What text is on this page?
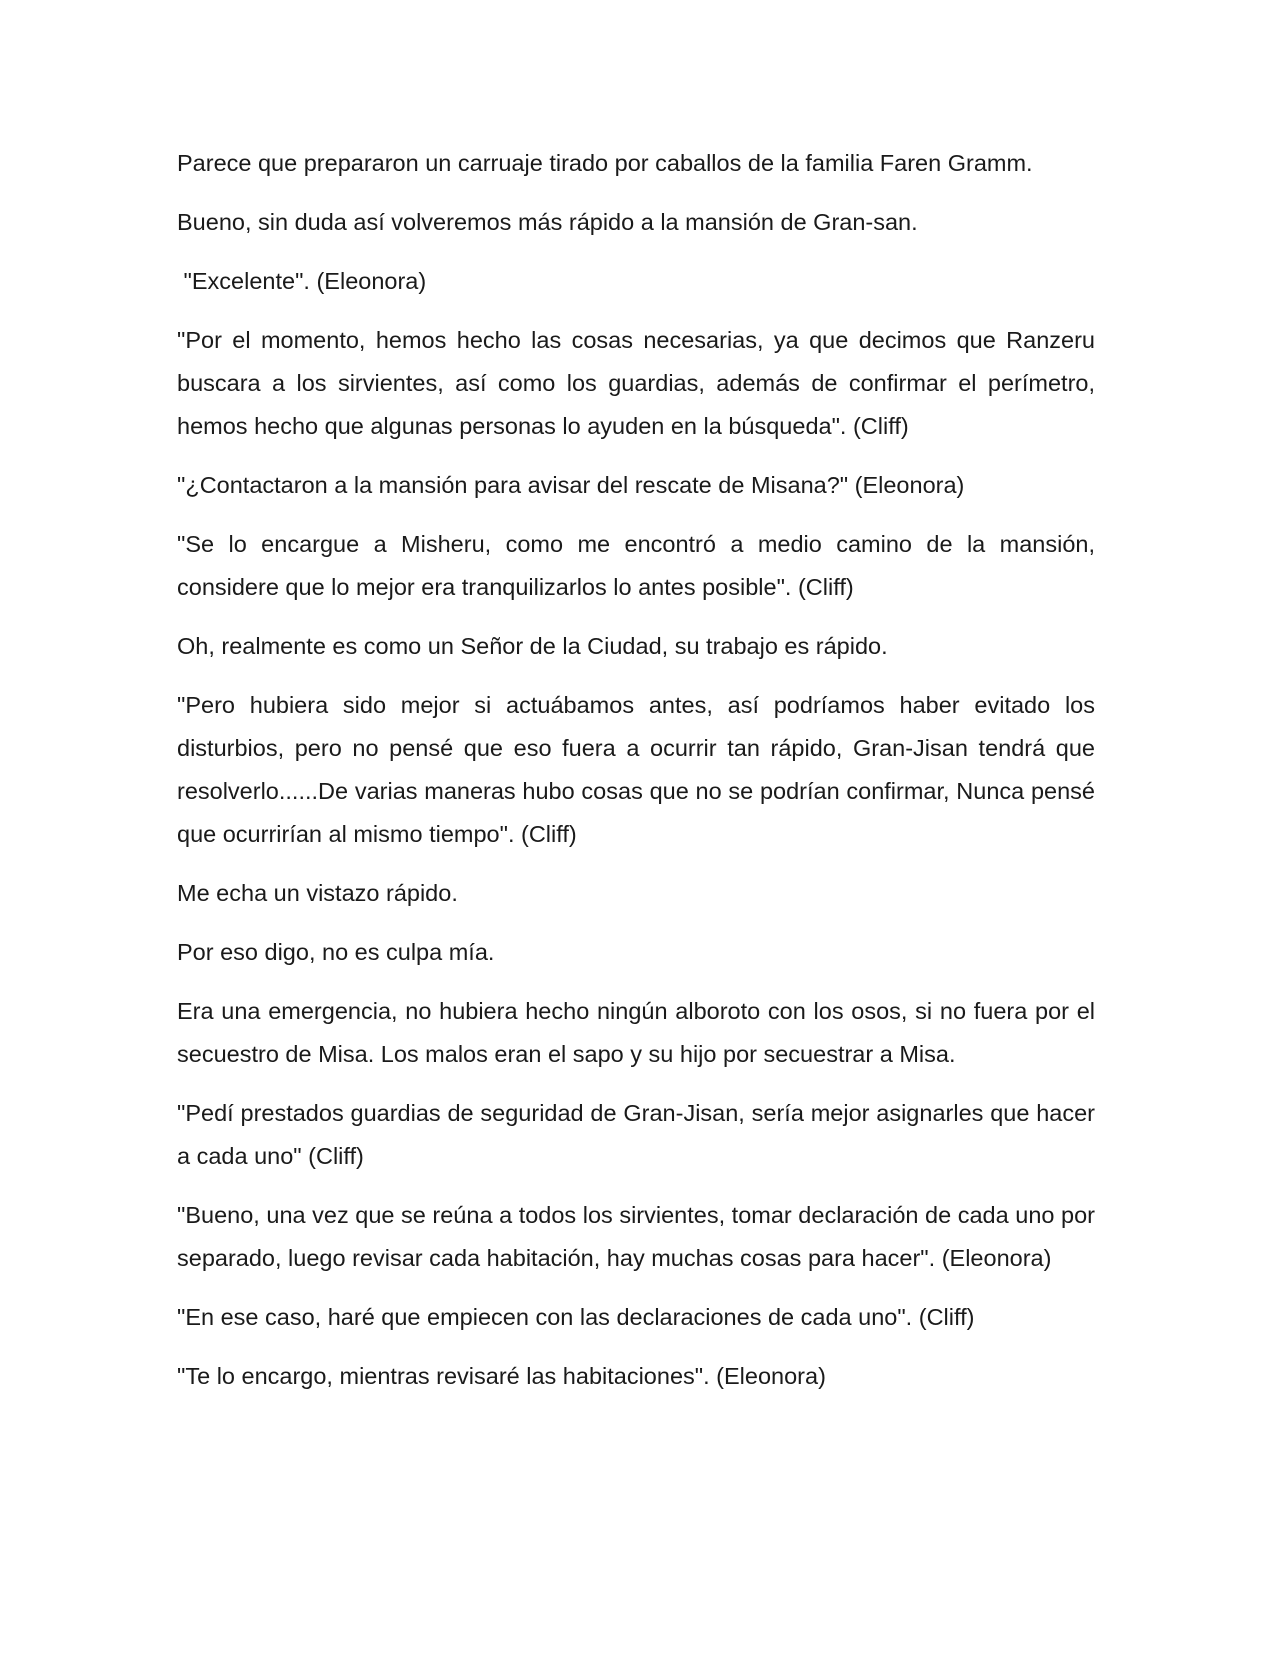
Parece que prepararon un carruaje tirado por caballos de la familia Faren Gramm.

Bueno, sin duda así volveremos más rápido a la mansión de Gran-san.

"Excelente". (Eleonora)

"Por el momento, hemos hecho las cosas necesarias, ya que decimos que Ranzeru buscara a los sirvientes, así como los guardias, además de confirmar el perímetro, hemos hecho que algunas personas lo ayuden en la búsqueda". (Cliff)

"¿Contactaron a la mansión para avisar del rescate de Misana?" (Eleonora)

"Se lo encargue a Misheru, como me encontró a medio camino de la mansión, considere que lo mejor era tranquilizarlos lo antes posible". (Cliff)

Oh, realmente es como un Señor de la Ciudad, su trabajo es rápido.

"Pero hubiera sido mejor si actuábamos antes, así podríamos haber evitado los disturbios, pero no pensé que eso fuera a ocurrir tan rápido, Gran-Jisan tendrá que resolverlo......De varias maneras hubo cosas que no se podrían confirmar, Nunca pensé que ocurrirían al mismo tiempo". (Cliff)

Me echa un vistazo rápido.

Por eso digo, no es culpa mía.

Era una emergencia, no hubiera hecho ningún alboroto con los osos, si no fuera por el secuestro de Misa. Los malos eran el sapo y su hijo por secuestrar a Misa.

"Pedí prestados guardias de seguridad de Gran-Jisan, sería mejor asignarles que hacer a cada uno" (Cliff)

"Bueno, una vez que se reúna a todos los sirvientes, tomar declaración de cada uno por separado, luego revisar cada habitación, hay muchas cosas para hacer". (Eleonora)

"En ese caso, haré que empiecen con las declaraciones de cada uno". (Cliff)

"Te lo encargo, mientras revisaré las habitaciones". (Eleonora)
